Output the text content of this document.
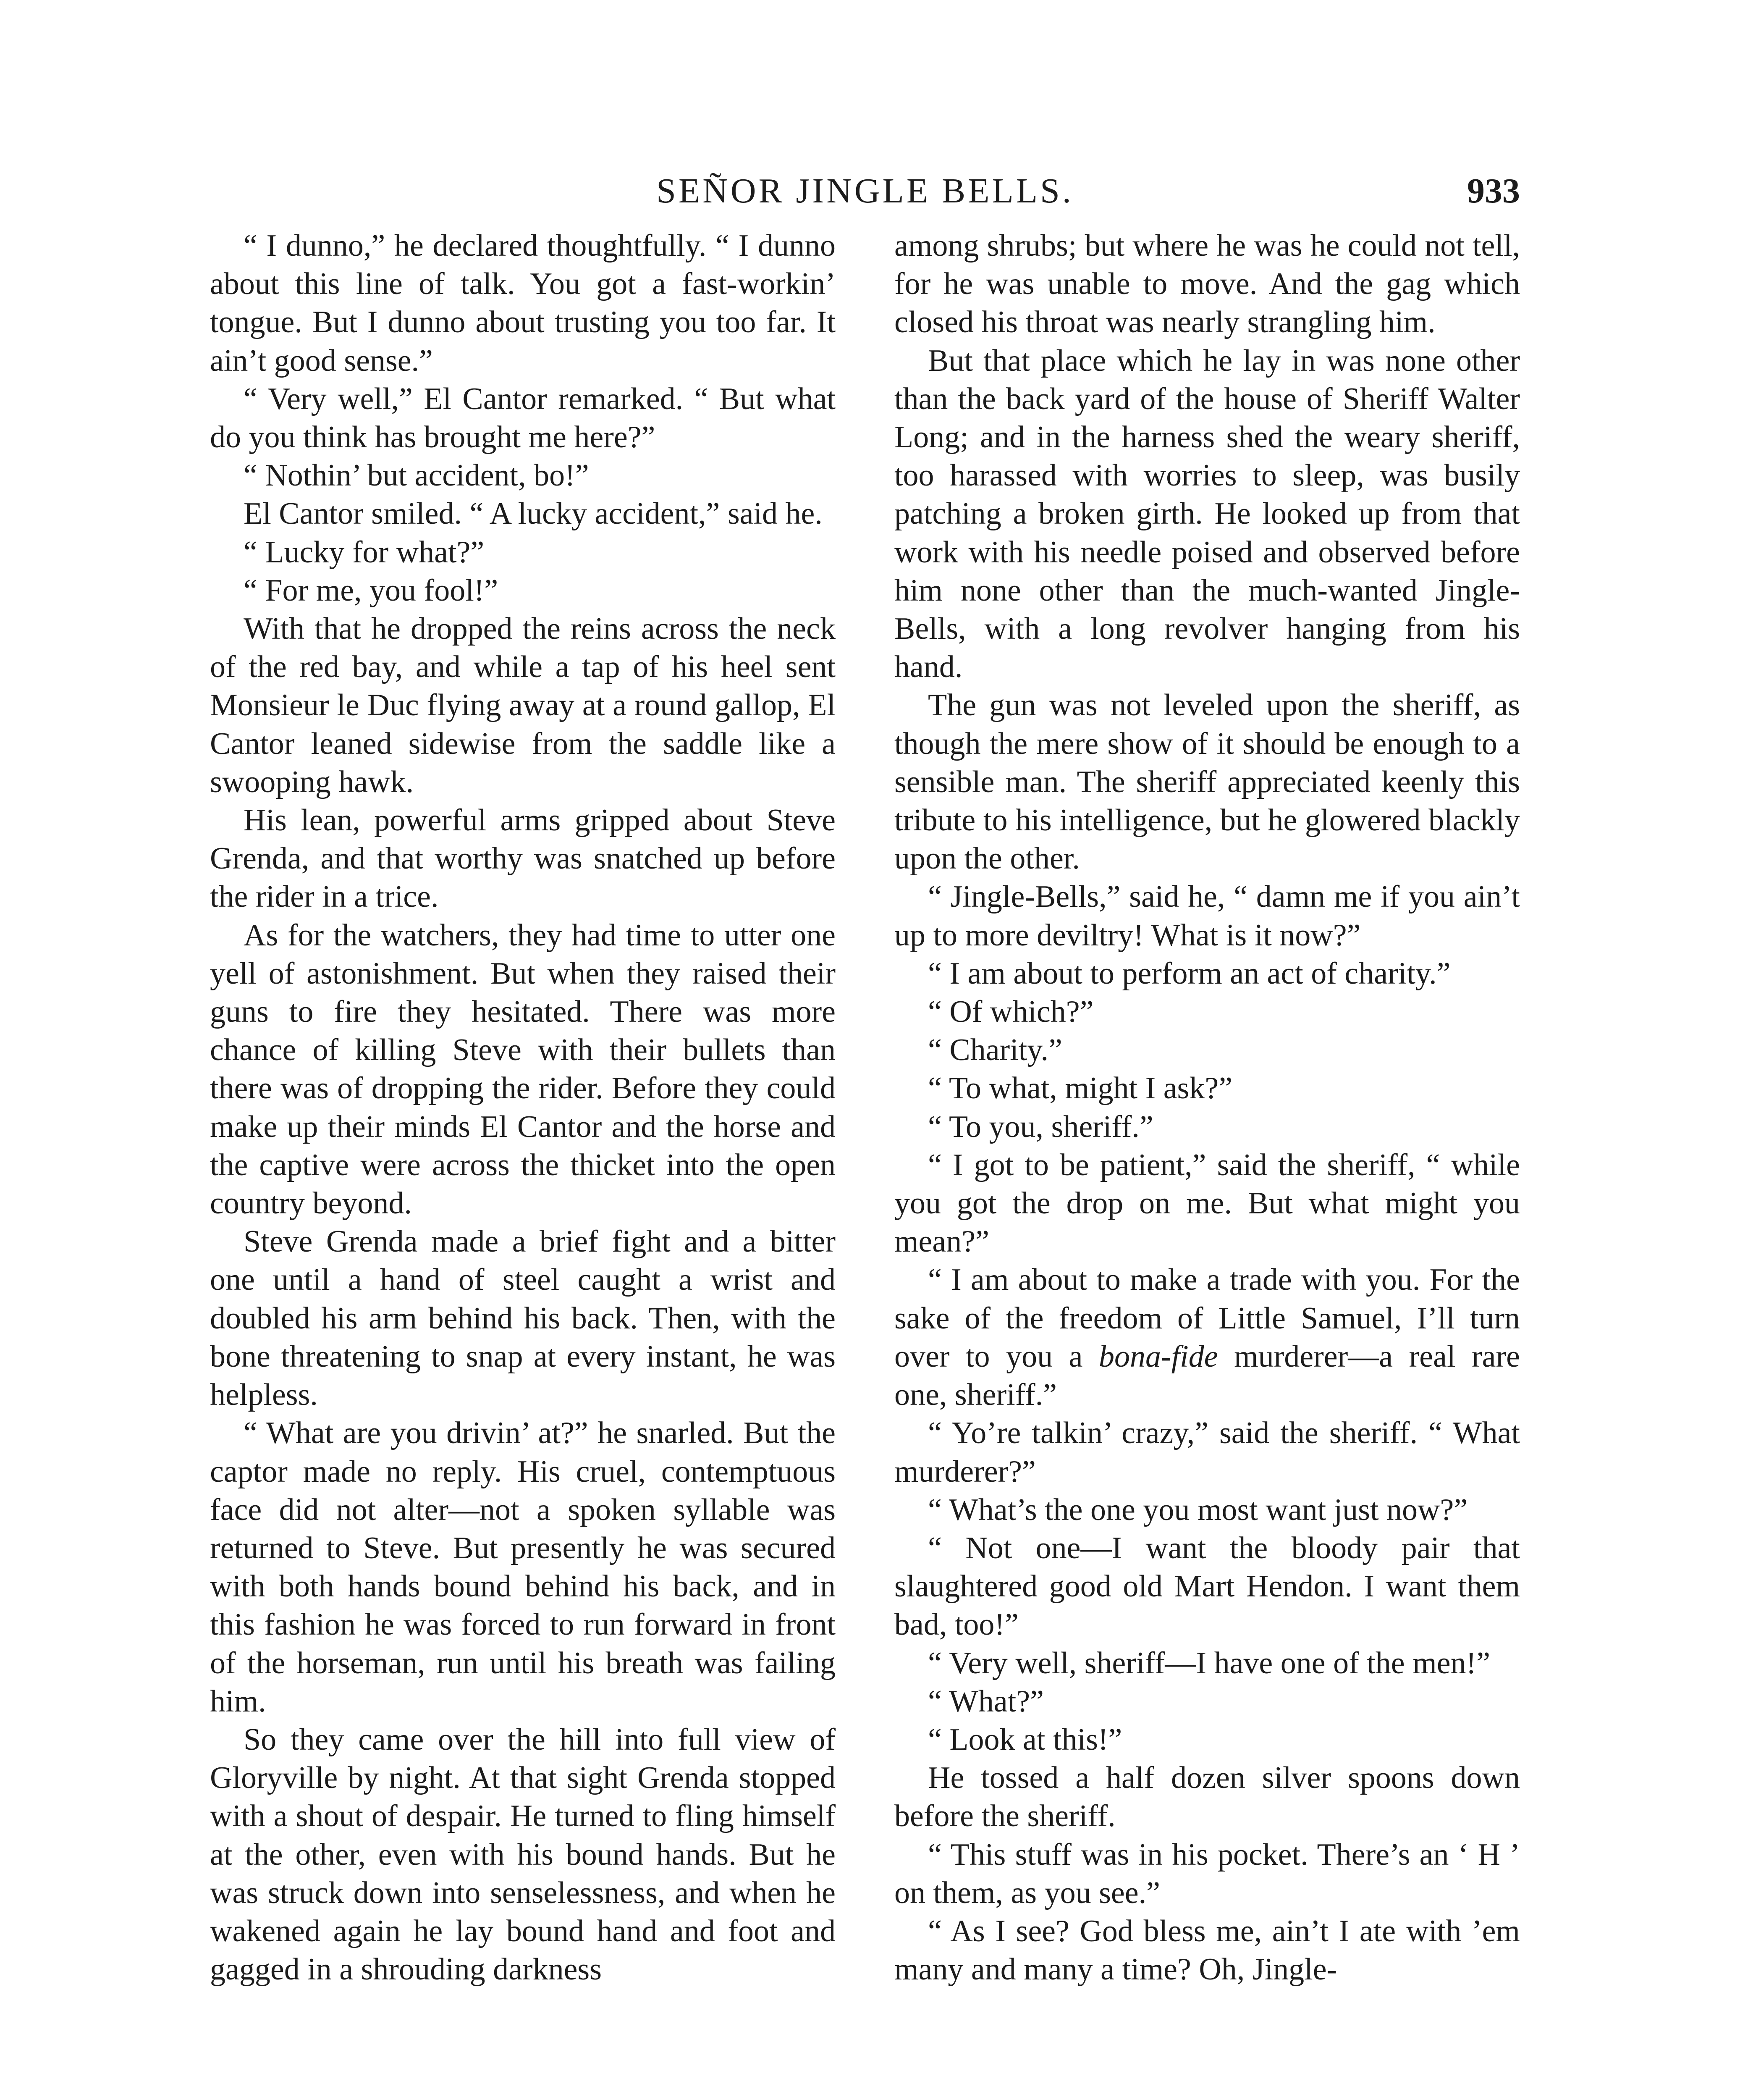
SEÑOR JINGLE BELLS.	933

“ I dunno,” he declared thoughtfully. “ I dunno about this line of talk. You got a fast-workin’ tongue. But I dunno about trusting you too far. It ain’t good sense.”

“ Very well,” El Cantor remarked. “ But what do you think has brought me here?”

“ Nothin’ but accident, bo!”

El Cantor smiled. “ A lucky accident,” said he.

“ Lucky for what?”

“ For me, you fool!”

With that he dropped the reins across the neck of the red bay, and while a tap of his heel sent Monsieur le Duc flying away at a round gallop, El Cantor leaned sidewise from the saddle like a swooping hawk.

His lean, powerful arms gripped about Steve Grenda, and that worthy was snatched up before the rider in a trice.

As for the watchers, they had time to utter one yell of astonishment. But when they raised their guns to fire they hesitated. There was more chance of killing Steve with their bullets than there was of dropping the rider. Before they could make up their minds El Cantor and the horse and the captive were across the thicket into the open country beyond.

Steve Grenda made a brief fight and a bitter one until a hand of steel caught a wrist and doubled his arm behind his back. Then, with the bone threatening to snap at every instant, he was helpless.

“ What are you drivin’ at?” he snarled. But the captor made no reply. His cruel, contemptuous face did not alter—not a spoken syllable was returned to Steve. But presently he was secured with both hands bound behind his back, and in this fashion he was forced to run forward in front of the horseman, run until his breath was failing him.

So they came over the hill into full view of Gloryville by night. At that sight Grenda stopped with a shout of despair. He turned to fling himself at the other, even with his bound hands. But he was struck down into senselessness, and when he wakened again he lay bound hand and foot and gagged in a shrouding darkness

among shrubs; but where he was he could not tell, for he was unable to move. And the gag which closed his throat was nearly strangling him.

But that place which he lay in was none other than the back yard of the house of Sheriff Walter Long; and in the harness shed the weary sheriff, too harassed with worries to sleep, was busily patching a broken girth. He looked up from that work with his needle poised and observed before him none other than the much-wanted Jingle-Bells, with a long revolver hanging from his hand.

The gun was not leveled upon the sheriff, as though the mere show of it should be enough to a sensible man. The sheriff appreciated keenly this tribute to his intelligence, but he glowered blackly upon the other.

“ Jingle-Bells,” said he, “ damn me if you ain’t up to more deviltry! What is it now?”

“ I am about to perform an act of charity.”

“ Of which?”

“ Charity.”

“ To what, might I ask?”

“ To you, sheriff.”

“ I got to be patient,” said the sheriff, “ while you got the drop on me. But what might you mean?”

“ I am about to make a trade with you. For the sake of the freedom of Little Samuel, I’ll turn over to you a bona-fide murderer—a real rare one, sheriff.”

“ Yo’re talkin’ crazy,” said the sheriff. “ What murderer?”

“ What’s the one you most want just now?”

“ Not one—I want the bloody pair that slaughtered good old Mart Hendon. I want them bad, too!”

“ Very well, sheriff—I have one of the men!”

“ What?”

“ Look at this!”

He tossed a half dozen silver spoons down before the sheriff.

“ This stuff was in his pocket. There’s an ‘ H ’ on them, as you see.”

“ As I see? God bless me, ain’t I ate with ’em many and many a time? Oh, Jingle-
